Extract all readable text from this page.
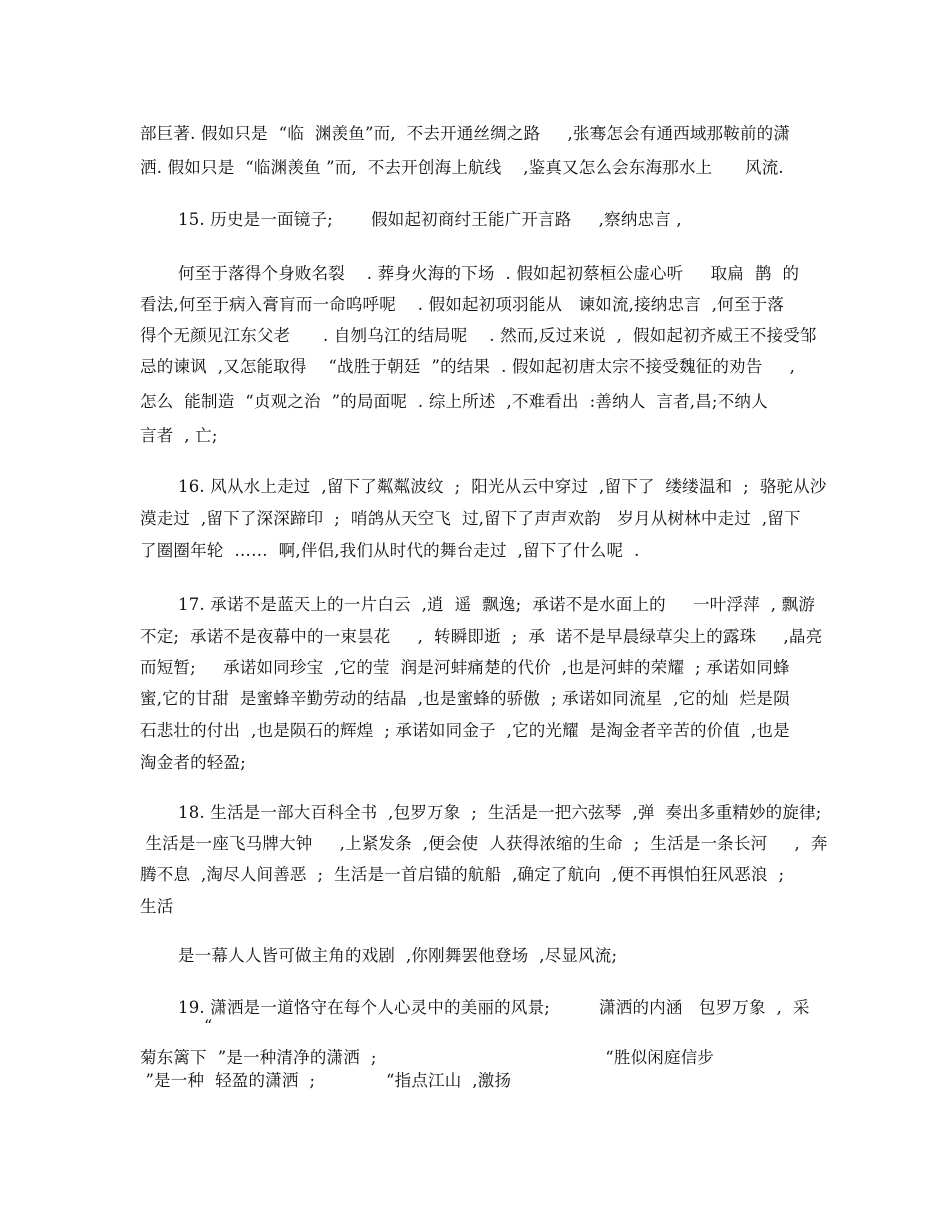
部巨著. 假如只是  “临  渊羡鱼”而,  不去开通丝绸之路     ,张骞怎会有通西域那鞍前的潇
洒. 假如只是  “临渊羡鱼 ”而,  不去开创海上航线    ,鉴真又怎么会东海那水上      风流.
15. 历史是一面镜子;       假如起初商纣王能广开言路     ,察纳忠言 ,
何至于落得个身败名裂    . 葬身火海的下场  . 假如起初蔡桓公虚心听     取扁  鹊  的
看法,何至于病入膏肓而一命呜呼呢    . 假如起初项羽能从   谏如流,接纳忠言  ,何至于落
得个无颜见江东父老      . 自刎乌江的结局呢    . 然而,反过来说  ,  假如起初齐威王不接受邹
忌的谏讽  ,又怎能取得    “战胜于朝廷  ”的结果  . 假如起初唐太宗不接受魏征的劝告     ,
怎么  能制造  “贞观之治  ”的局面呢  . 综上所述  ,不难看出  :善纳人  言者,昌;不纳人
言者  , 亡;
16. 风从水上走过  ,留下了粼粼波纹  ;  阳光从云中穿过  ,留下了  缕缕温和  ;  骆驼从沙
漠走过  ,留下了深深蹄印  ;  哨鸽从天空飞  过,留下了声声欢韵   岁月从树林中走过  ,留下
了圈圈年轮  ……  啊,伴侣,我们从时代的舞台走过  ,留下了什么呢  .
17. 承诺不是蓝天上的一片白云  ,逍  遥  飘逸;  承诺不是水面上的     一叶浮萍  , 飘游
不定;  承诺不是夜幕中的一束昙花     ,  转瞬即逝  ;  承  诺不是早晨绿草尖上的露珠     ,晶亮
而短暂;     承诺如同珍宝  ,它的莹  润是河蚌痛楚的代价  ,也是河蚌的荣耀  ; 承诺如同蜂
蜜,它的甘甜  是蜜蜂辛勤劳动的结晶  ,也是蜜蜂的骄傲  ; 承诺如同流星  ,它的灿  烂是陨
石悲壮的付出  ,也是陨石的辉煌  ; 承诺如同金子  ,它的光耀  是淘金者辛苦的价值  ,也是
淘金者的轻盈;
18. 生活是一部大百科全书  ,包罗万象  ;  生活是一把六弦琴  ,弹  奏出多重精妙的旋律;
生活是一座飞马牌大钟     ,上紧发条  ,便会使  人获得浓缩的生命  ;  生活是一条长河     ,  奔
腾不息  ,淘尽人间善恶  ;  生活是一首启锚的航船  ,确定了航向  ,便不再惧怕狂风恶浪  ;
生活
是一幕人人皆可做主角的戏剧  ,你刚舞罢他登场  ,尽显风流;
19. 潇洒是一道恪守在每个人心灵中的美丽的风景;         潇洒的内涵   包罗万象  ,  采
“
菊东篱下  ”是一种清净的潇洒  ;                                          “胜似闲庭信步
”是一种  轻盈的潇洒  ;             “指点江山  ,激扬
